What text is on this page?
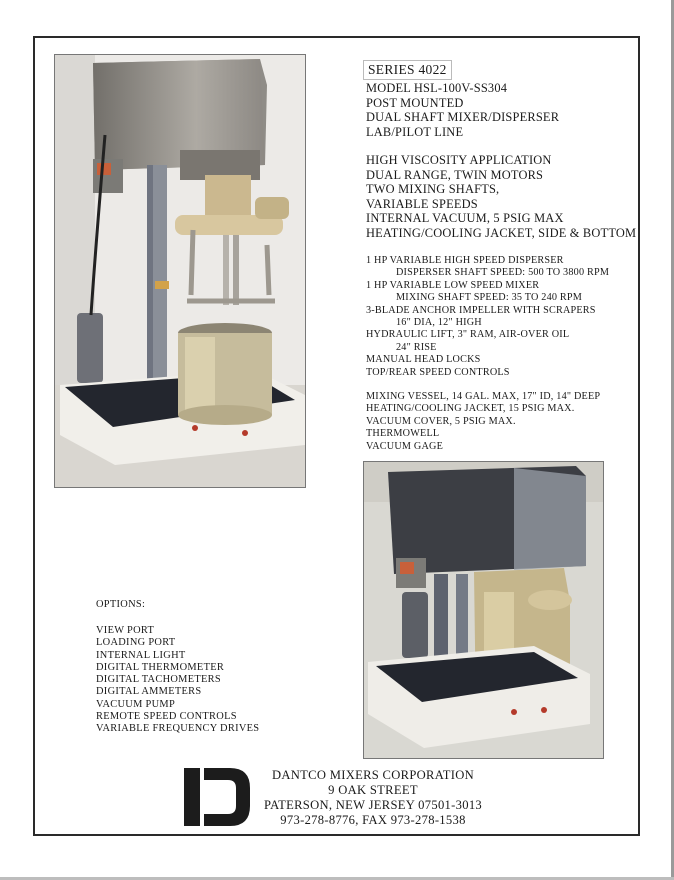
SERIES 4022
MODEL HSL-100V-SS304
POST MOUNTED
DUAL SHAFT MIXER/DISPERSER
LAB/PILOT LINE
HIGH VISCOSITY APPLICATION
DUAL RANGE, TWIN MOTORS
TWO MIXING SHAFTS,
VARIABLE SPEEDS
INTERNAL VACUUM, 5 PSIG MAX
HEATING/COOLING JACKET, SIDE & BOTTOM
1 HP VARIABLE HIGH SPEED DISPERSER
DISPERSER SHAFT SPEED: 500 TO 3800 RPM
1 HP VARIABLE LOW SPEED MIXER
MIXING SHAFT SPEED: 35 TO 240 RPM
3-BLADE ANCHOR IMPELLER WITH SCRAPERS
16" DIA, 12" HIGH
HYDRAULIC LIFT, 3" RAM, AIR-OVER OIL
24" RISE
MANUAL HEAD LOCKS
TOP/REAR SPEED CONTROLS
MIXING VESSEL, 14 GAL. MAX, 17" ID, 14" DEEP
HEATING/COOLING JACKET, 15 PSIG MAX.
VACUUM COVER, 5 PSIG MAX.
THERMOWELL
VACUUM GAGE
OPTIONS:
VIEW PORT
LOADING PORT
INTERNAL LIGHT
DIGITAL THERMOMETER
DIGITAL TACHOMETERS
DIGITAL AMMETERS
VACUUM PUMP
REMOTE SPEED CONTROLS
VARIABLE FREQUENCY DRIVES
DANTCO MIXERS CORPORATION
9 OAK STREET
PATERSON, NEW JERSEY 07501-3013
973-278-8776, FAX 973-278-1538
